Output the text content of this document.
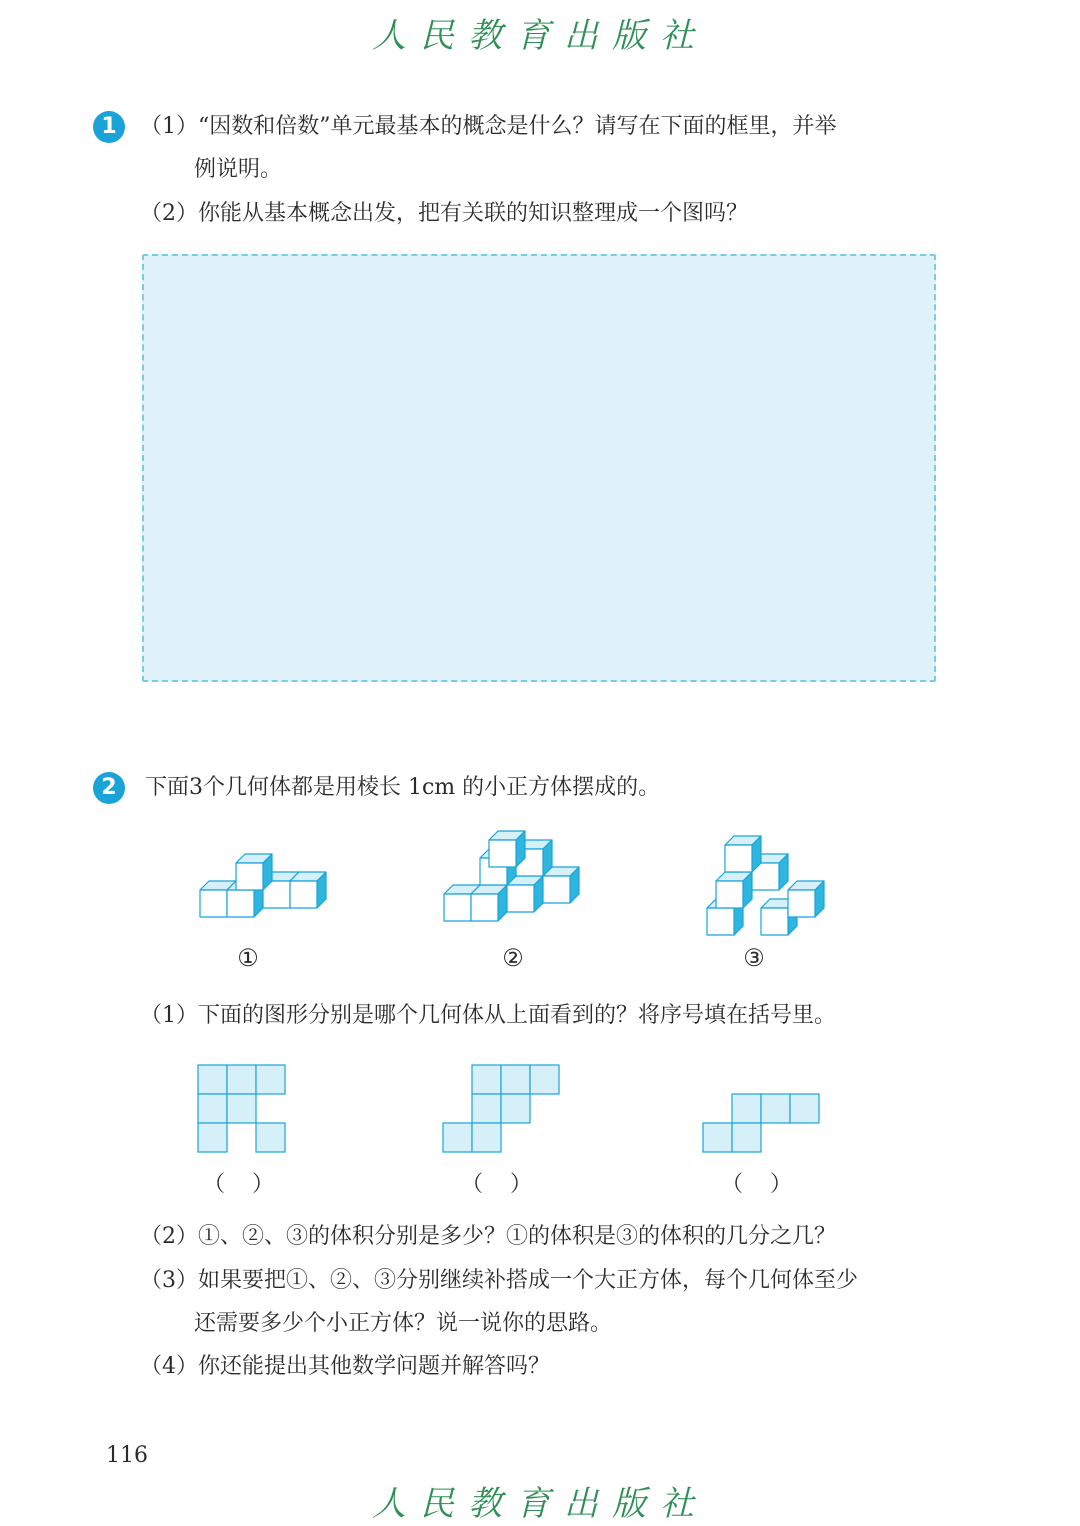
人民教育出版社
1	（1）“因数和倍数”单元最基本的概念是什么？请写在下面的框里，并举
例说明。
（2）你能从基本概念出发，把有关联的知识整理成一个图吗？
2	下面3个几何体都是用棱长 1cm 的小正方体摆成的。
①	②	③
（1）下面的图形分别是哪个几何体从上面看到的？将序号填在括号里。
（ ）	（ ）	（ ）
（2）①、②、③的体积分别是多少？①的体积是③的体积的几分之几？
（3）如果要把①、②、③分别继续补搭成一个大正方体，每个几何体至少
还需要多少个小正方体？说一说你的思路。
（4）你还能提出其他数学问题并解答吗？
116
人民教育出版社
